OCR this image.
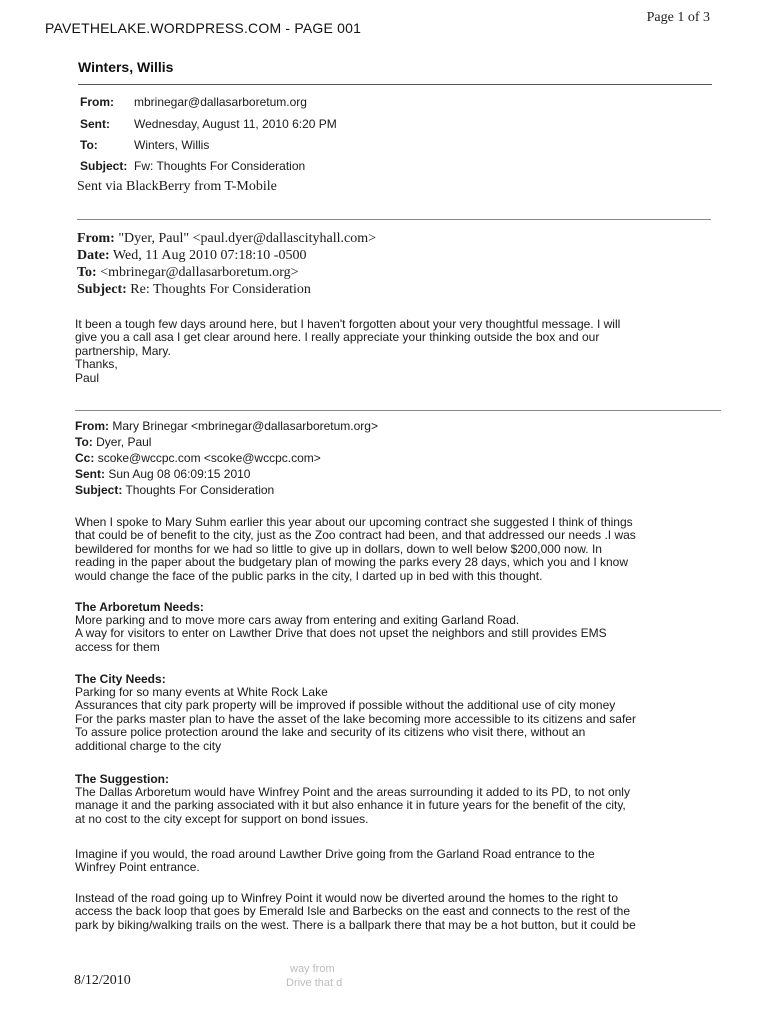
PAVETHELAKE.WORDPRESS.COM - PAGE 001
Page 1 of 3
Winters, Willis
From: mbrinegar@dallasarboretum.org
Sent: Wednesday, August 11, 2010 6:20 PM
To:	Winters, Willis
Subject: Fw: Thoughts For Consideration
Sent via BlackBerry from T-Mobile
From: "Dyer, Paul" <paul.dyer@dallascityhall.com>
Date: Wed, 11 Aug 2010 07:18:10 -0500
To: <mbrinegar@dallasarboretum.org>
Subject: Re: Thoughts For Consideration
It been a tough few days around here, but I haven't forgotten about your very thoughtful message. I will
give you a call asa I get clear around here. I really appreciate your thinking outside the box and our
partnership, Mary.
Thanks,
Paul
From: Mary Brinegar <mbrinegar@dallasarboretum.org>
To: Dyer, Paul
Cc: scoke@wccpc.com <scoke@wccpc.com>
Sent: Sun Aug 08 06:09:15 2010
Subject: Thoughts For Consideration
When I spoke to Mary Suhm earlier this year about our upcoming contract she suggested I think of things
that could be of benefit to the city, just as the Zoo contract had been, and that addressed our needs .I was
bewildered for months for we had so little to give up in dollars, down to well below $200,000 now. In
reading in the paper about the budgetary plan of mowing the parks every 28 days, which you and I know
would change the face of the public parks in the city, I darted up in bed with this thought.
The Arboretum Needs:
More parking and to move more cars away from entering and exiting Garland Road.
A way for visitors to enter on Lawther Drive that does not upset the neighbors and still provides EMS
access for them
The City Needs:
Parking for so many events at White Rock Lake
Assurances that city park property will be improved if possible without the additional use of city money
For the parks master plan to have the asset of the lake becoming more accessible to its citizens and safer
To assure police protection around the lake and security of its citizens who visit there, without an
additional charge to the city
The Suggestion:
The Dallas Arboretum would have Winfrey Point and the areas surrounding it added to its PD, to not only
manage it and the parking associated with it but also enhance it in future years for the benefit of the city,
at no cost to the city except for support on bond issues.
Imagine if you would, the road around Lawther Drive going from the Garland Road entrance to the
Winfrey Point entrance.
Instead of the road going up to Winfrey Point it would now be diverted around the homes to the right to
access the back loop that goes by Emerald Isle and Barbecks on the east and connects to the rest of the
park by biking/walking trails on the west. There is a ballpark there that may be a hot button, but it could be
8/12/2010
way from
Drive that d
